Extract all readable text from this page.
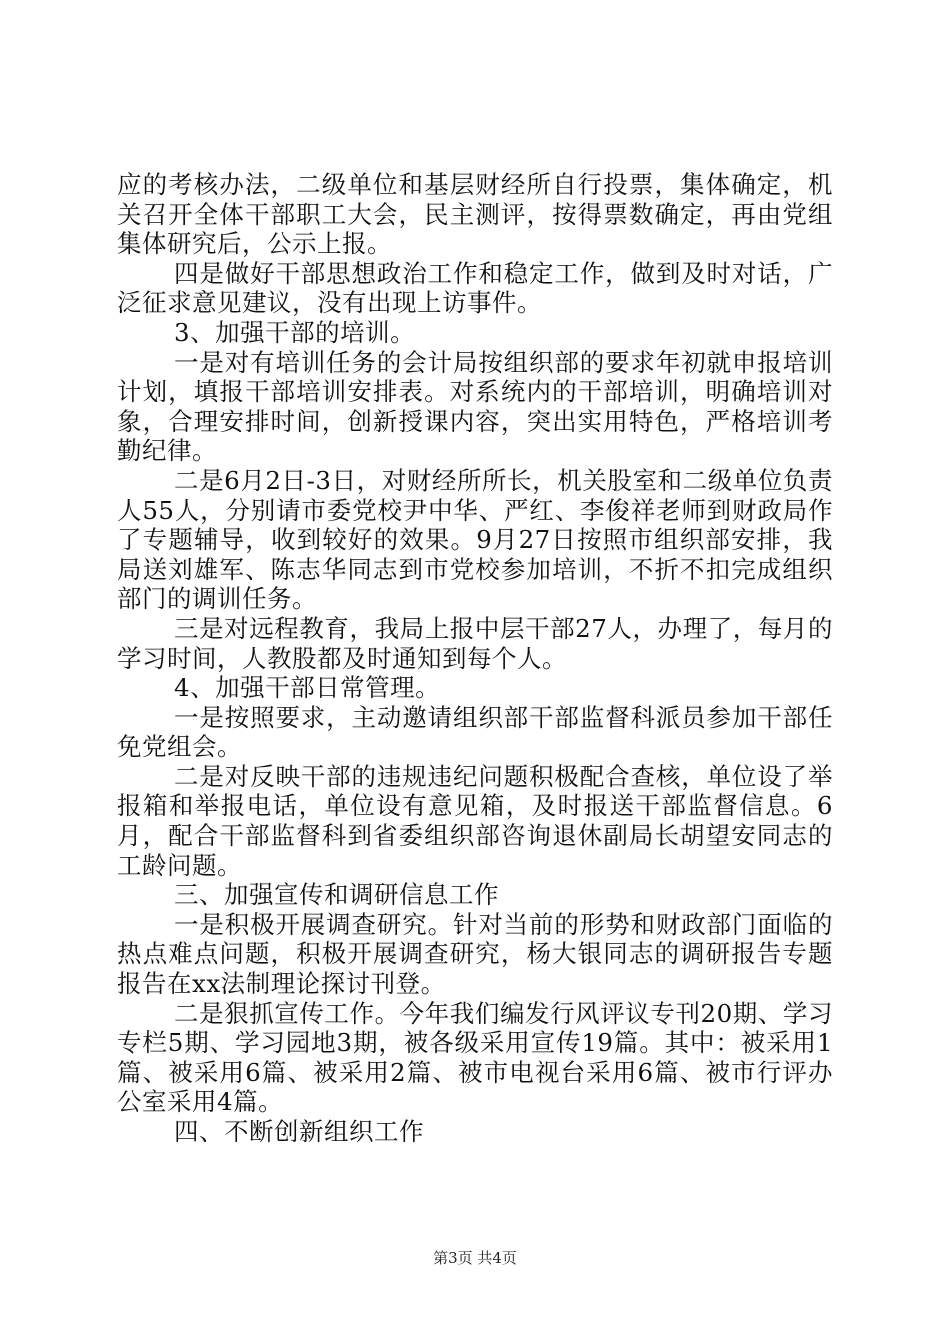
应的考核办法，二级单位和基层财经所自行投票，集体确定，机关召开全体干部职工大会，民主测评，按得票数确定，再由党组集体研究后，公示上报。

四是做好干部思想政治工作和稳定工作，做到及时对话，广泛征求意见建议，没有出现上访事件。

3、加强干部的培训。

一是对有培训任务的会计局按组织部的要求年初就申报培训计划，填报干部培训安排表。对系统内的干部培训，明确培训对象，合理安排时间，创新授课内容，突出实用特色，严格培训考勤纪律。

二是6月2日-3日，对财经所所长，机关股室和二级单位负责人55人，分别请市委党校尹中华、严红、李俊祥老师到财政局作了专题辅导，收到较好的效果。9月27日按照市组织部安排，我局送刘雄军、陈志华同志到市党校参加培训，不折不扣完成组织部门的调训任务。

三是对远程教育，我局上报中层干部27人，办理了，每月的学习时间，人教股都及时通知到每个人。

4、加强干部日常管理。

一是按照要求，主动邀请组织部干部监督科派员参加干部任免党组会。

二是对反映干部的违规违纪问题积极配合查核，单位设了举报箱和举报电话，单位设有意见箱，及时报送干部监督信息。6月，配合干部监督科到省委组织部咨询退休副局长胡望安同志的工龄问题。

三、加强宣传和调研信息工作

一是积极开展调查研究。针对当前的形势和财政部门面临的热点难点问题，积极开展调查研究，杨大银同志的调研报告专题报告在xx法制理论探讨刊登。

二是狠抓宣传工作。今年我们编发行风评议专刊20期、学习专栏5期、学习园地3期，被各级采用宣传19篇。其中：被采用1篇、被采用6篇、被采用2篇、被市电视台采用6篇、被市行评办公室采用4篇。

四、不断创新组织工作

第3页 共4页
